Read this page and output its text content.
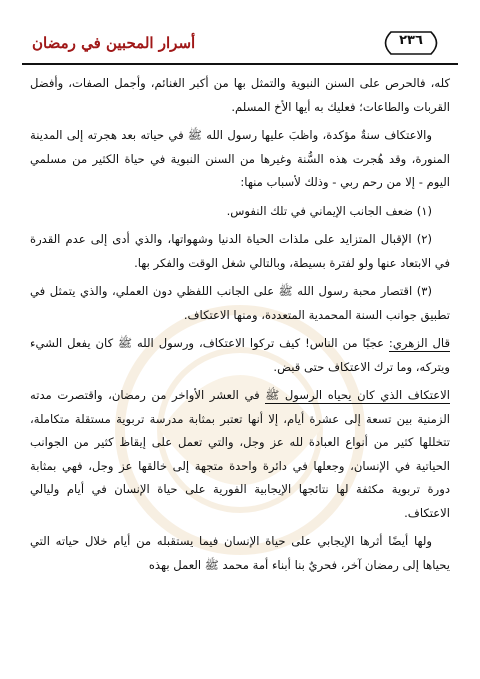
أسرار المحبين في رمضان	٢٣٦

كله، فالحرص على السنن النبوية والتمثل بها من أكبر الغنائم، وأجمل الصفات، وأفضل القربات والطاعات؛ فعليك به أيها الأخ المسلم.

والاعتكاف سنةٌ مؤكدة، واظبَ عليها رسول الله ﷺ في حياته بعد هجرته إلى المدينة المنورة، وقد هُجرت هذه السُّنة وغيرها من السنن النبوية في حياة الكثير من مسلمي اليوم - إلا من رحم ربي - وذلك لأسباب منها:

(١) ضعف الجانب الإيماني في تلك النفوس.

(٢) الإقبال المتزايد على ملذات الحياة الدنيا وشهواتها، والذي أدى إلى عدم القدرة في الابتعاد عنها ولو لفترة بسيطة، وبالتالي شغل الوقت والفكر بها.

(٣) اقتصار محبة رسول الله ﷺ على الجانب اللفظي دون العملي، والذي يتمثل في تطبيق جوانب السنة المحمدية المتعددة، ومنها الاعتكاف.

قال الزهري: عجبًا من الناس! كيف تركوا الاعتكاف، ورسول الله ﷺ كان يفعل الشيء ويتركه، وما ترك الاعتكاف حتى قبض.

الاعتكاف الذي كان يحياه الرسول ﷺ في العشر الأواخر من رمضان، واقتصرت مدته الزمنية بين تسعة إلى عشرة أيام، إلا أنها تعتبر بمثابة مدرسة تربوية مستقلة متكاملة، تتخللها كثير من أنواع العبادة لله عز وجل، والتي تعمل على إيقاظ كثير من الجوانب الحياتية في الإنسان، وجعلها في دائرة واحدة متجهة إلى خالقها عز وجل، فهي بمثابة دورة تربوية مكثفة لها نتائجها الإيجابية الفورية على حياة الإنسان في أيام وليالي الاعتكاف.

ولها أيضًا أثرها الإيجابي على حياة الإنسان فيما يستقبله من أيام خلال حياته التي يحياها إلى رمضان آخر، فحريٌ بنا أبناء أمة محمد ﷺ العمل بهذه
